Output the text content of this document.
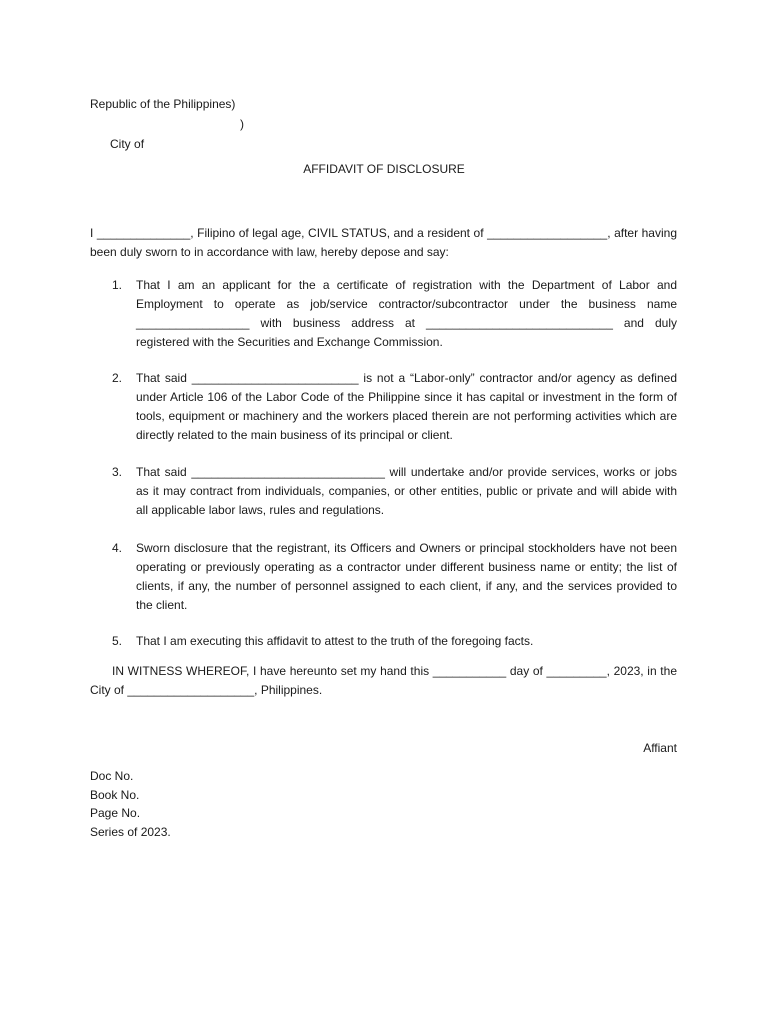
Republic of the Philippines)

City of

)

AFFIDAVIT OF DISCLOSURE
I ______________, Filipino of legal age, CIVIL STATUS, and a resident of __________________, after having been duly sworn to in accordance with law, hereby depose and say:
1. That I am an applicant for the a certificate of registration with the Department of Labor and Employment to operate as job/service contractor/subcontractor under the business name _________________ with business address at ____________________________ and duly registered with the Securities and Exchange Commission.
2. That said _________________________ is not a “Labor-only” contractor and/or agency as defined under Article 106 of the Labor Code of the Philippine since it has capital or investment in the form of tools, equipment or machinery and the workers placed therein are not performing activities which are directly related to the main business of its principal or client.
3. That said _____________________________ will undertake and/or provide services, works or jobs as it may contract from individuals, companies, or other entities, public or private and will abide with all applicable labor laws, rules and regulations.
4. Sworn disclosure that the registrant, its Officers and Owners or principal stockholders have not been operating or previously operating as a contractor under different business name or entity; the list of clients, if any, the number of personnel assigned to each client, if any, and the services provided to the client.
5. That I am executing this affidavit to attest to the truth of the foregoing facts.
IN WITNESS WHEREOF, I have hereunto set my hand this ___________ day of _________, 2023, in the City of ___________________, Philippines.
Affiant
Doc No.
Book No.
Page No.
Series of 2023.
